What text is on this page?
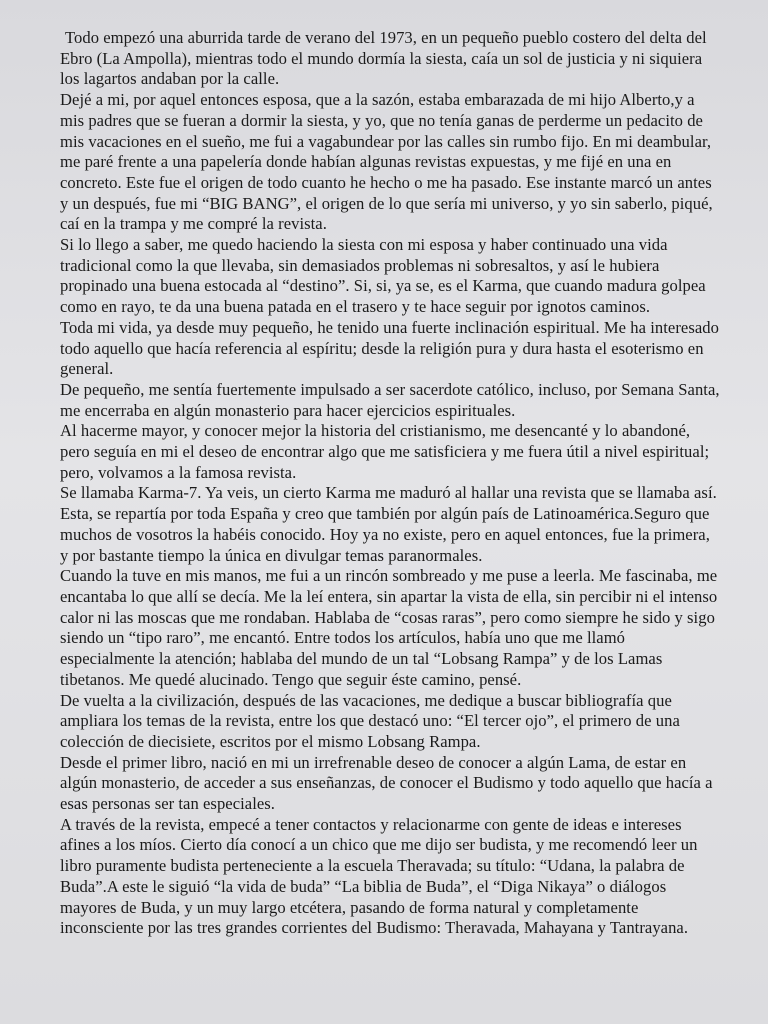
Todo empezó una aburrida tarde de verano del 1973, en un pequeño pueblo costero del delta del Ebro (La Ampolla), mientras todo el mundo dormía la siesta, caía un sol de justicia y ni siquiera los lagartos andaban por la calle.

Dejé a mi, por aquel entonces esposa, que a la sazón, estaba embarazada de mi hijo Alberto,y a mis padres que se fueran a dormir la siesta, y yo, que no tenía ganas de perderme un pedacito de mis vacaciones en el sueño, me fui a vagabundear por las calles sin rumbo fijo. En mi deambular, me paré frente a una papelería donde habían algunas revistas expuestas, y me fijé en una en concreto. Este fue el origen de todo cuanto he hecho o me ha pasado. Ese instante marcó un antes y un después, fue mi “BIG BANG”, el origen de lo que sería mi universo, y yo sin saberlo, piqué, caí en la trampa y me compré la revista.

Si lo llego a saber, me quedo haciendo la siesta con mi esposa y haber continuado una vida tradicional como la que llevaba, sin demasiados problemas ni sobresaltos, y así le hubiera propinado una buena estocada al “destino”. Si, si, ya se, es el Karma, que cuando madura golpea como en rayo, te da una buena patada en el trasero y te hace seguir por ignotos caminos.

Toda mi vida, ya desde muy pequeño, he tenido una fuerte inclinación espiritual. Me ha interesado todo aquello que hacía referencia al espíritu; desde la religión pura y dura hasta el esoterismo en general.

De pequeño, me sentía fuertemente impulsado a ser sacerdote católico, incluso, por Semana Santa, me encerraba en algún monasterio para hacer ejercicios espirituales.

Al hacerme mayor, y conocer mejor la historia del cristianismo, me desencanté y lo abandoné, pero seguía en mi el deseo de encontrar algo que me satisficiera y me fuera útil a nivel espiritual; pero, volvamos a la famosa revista.

Se llamaba Karma-7. Ya veis, un cierto Karma me maduró al hallar una revista que se llamaba así. Esta, se repartía por toda España y creo que también por algún país de Latinoamérica.Seguro que muchos de vosotros la habéis conocido. Hoy ya no existe, pero en aquel entonces, fue la primera, y por bastante tiempo la única en divulgar temas paranormales.

Cuando la tuve en mis manos, me fui a un rincón sombreado y me puse a leerla. Me fascinaba, me encantaba lo que allí se decía. Me la leí entera, sin apartar la vista de ella, sin percibir ni el intenso calor ni las moscas que me rondaban. Hablaba de “cosas raras”, pero como siempre he sido y sigo siendo un “tipo raro”, me encantó. Entre todos los artículos, había uno que me llamó especialmente la atención; hablaba del mundo de un tal “Lobsang Rampa” y de los Lamas tibetanos. Me quedé alucinado. Tengo que seguir éste camino, pensé.

De vuelta a la civilización, después de las vacaciones, me dedique a buscar bibliografía que ampliara los temas de la revista, entre los que destacó uno: “El tercer ojo”, el primero de una colección de diecisiete, escritos por el mismo Lobsang Rampa.

Desde el primer libro, nació en mi un irrefrenable deseo de conocer a algún Lama, de estar en algún monasterio, de acceder a sus enseñanzas, de conocer el Budismo y todo aquello que hacía a esas personas ser tan especiales.

A través de la revista, empecé a tener contactos y relacionarme con gente de ideas e intereses afines a los míos. Cierto día conocí a un chico que me dijo ser budista, y me recomendó leer un libro puramente budista perteneciente a la escuela Theravada; su título: “Udana, la palabra de Buda”.A este le siguió “la vida de buda” “La biblia de Buda”, el “Diga Nikaya” o diálogos mayores de Buda, y un muy largo etcétera, pasando de forma natural y completamente inconsciente por las tres grandes corrientes del Budismo: Theravada, Mahayana y Tantrayana.
